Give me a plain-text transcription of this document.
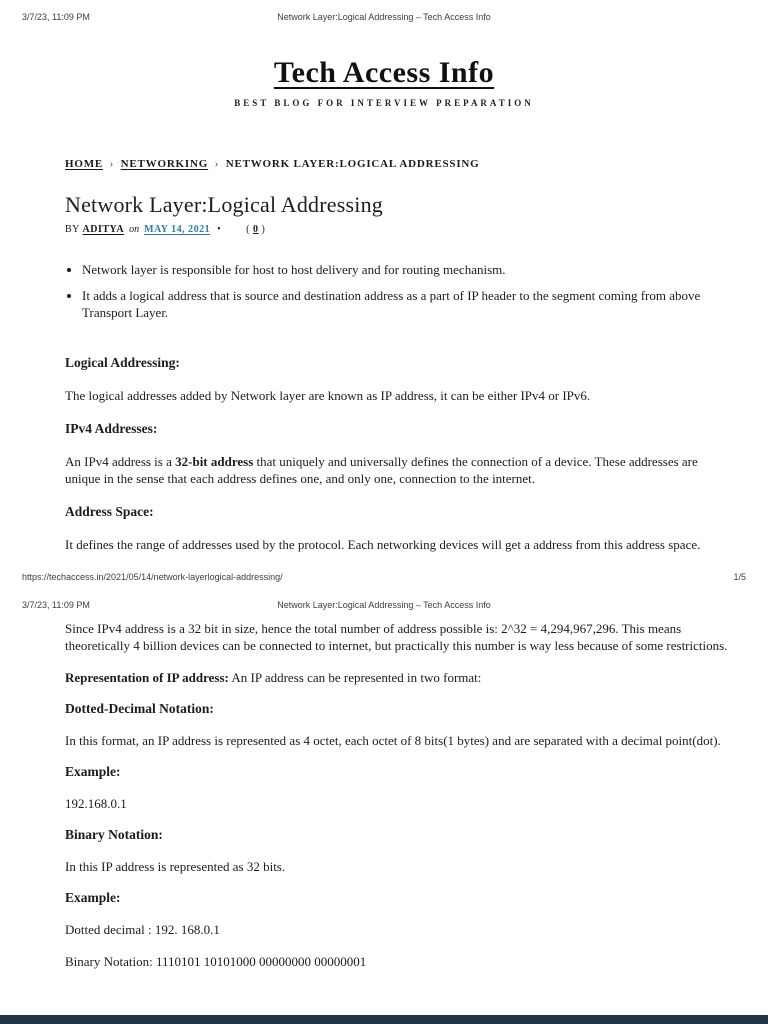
3/7/23, 11:09 PM	Network Layer:Logical Addressing – Tech Access Info
Tech Access Info
BEST BLOG FOR INTERVIEW PREPARATION
HOME › NETWORKING › NETWORK LAYER:LOGICAL ADDRESSING
Network Layer:Logical Addressing
BY ADITYA on MAY 14, 2021 •	( 0 )
• Network layer is responsible for host to host delivery and for routing mechanism.
• It adds a logical address that is source and destination address as a part of IP header to the segment coming from above Transport Layer.
Logical Addressing:
The logical addresses added by Network layer are known as IP address, it can be either IPv4 or IPv6.
IPv4 Addresses:
An IPv4 address is a 32-bit address that uniquely and universally defines the connection of a device. These addresses are unique in the sense that each address defines one, and only one, connection to the internet.
Address Space:
It defines the range of addresses used by the protocol. Each networking devices will get a address from this address space.
https://techaccess.in/2021/05/14/network-layerlogical-addressing/	1/5
3/7/23, 11:09 PM	Network Layer:Logical Addressing – Tech Access Info
Since IPv4 address is a 32 bit in size, hence the total number of address possible is: 2^32 = 4,294,967,296. This means theoretically 4 billion devices can be connected to internet, but practically this number is way less because of some restrictions.
Representation of IP address: An IP address can be represented in two format:
Dotted-Decimal Notation:
In this format, an IP address is represented as 4 octet, each octet of 8 bits(1 bytes) and are separated with a decimal point(dot).
Example:
192.168.0.1
Binary Notation:
In this IP address is represented as 32 bits.
Example:
Dotted decimal : 192. 168.0.1
Binary Notation: 1110101 10101000 00000000 00000001
